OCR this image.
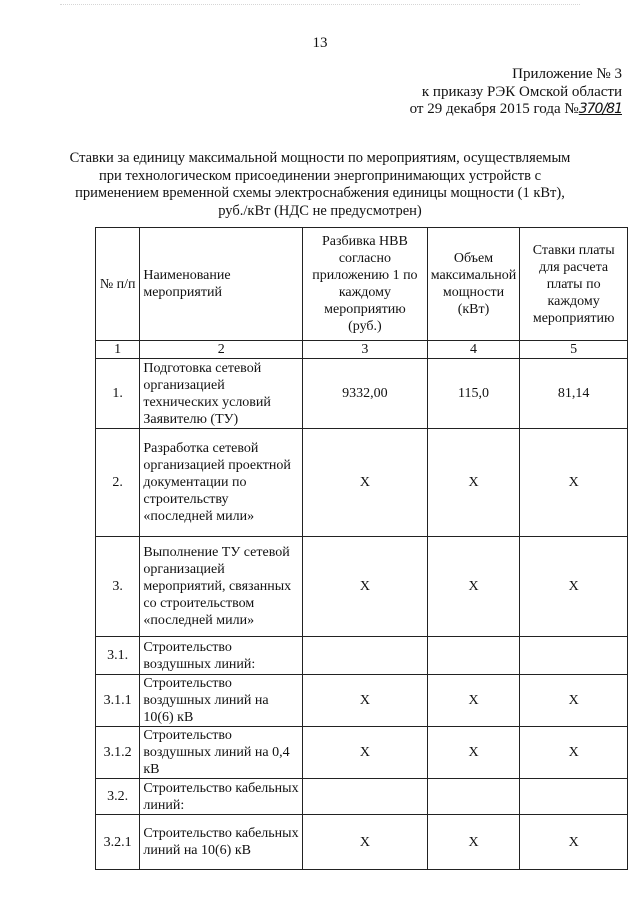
13
Приложение № 3
к приказу РЭК Омской области
от 29 декабря 2015 года №370/81
Ставки за единицу максимальной мощности по мероприятиям, осуществляемым при технологическом присоединении энергопринимающих устройств с применением временной схемы электроснабжения единицы мощности (1 кВт), руб./кВт (НДС не предусмотрен)
№ п/п	Наименование мероприятий	Разбивка НВВ согласно приложению 1 по каждому мероприятию (руб.)	Объем максимальной мощности (кВт)	Ставки платы для расчета платы по каждому мероприятию
1	2	3	4	5
1.	Подготовка сетевой организацией технических условий Заявителю (ТУ)	9332,00	115,0	81,14
2.	Разработка сетевой организацией проектной документации по строительству «последней мили»	Х	Х	Х
3.	Выполнение ТУ сетевой организацией мероприятий, связанных со строительством «последней мили»	Х	Х	Х
3.1.	Строительство воздушных линий:			
3.1.1	Строительство воздушных линий на 10(6) кВ	Х	Х	Х
3.1.2	Строительство воздушных линий на 0,4 кВ	Х	Х	Х
3.2.	Строительство кабельных линий:			
3.2.1	Строительство кабельных линий на 10(6) кВ	Х	Х	Х
